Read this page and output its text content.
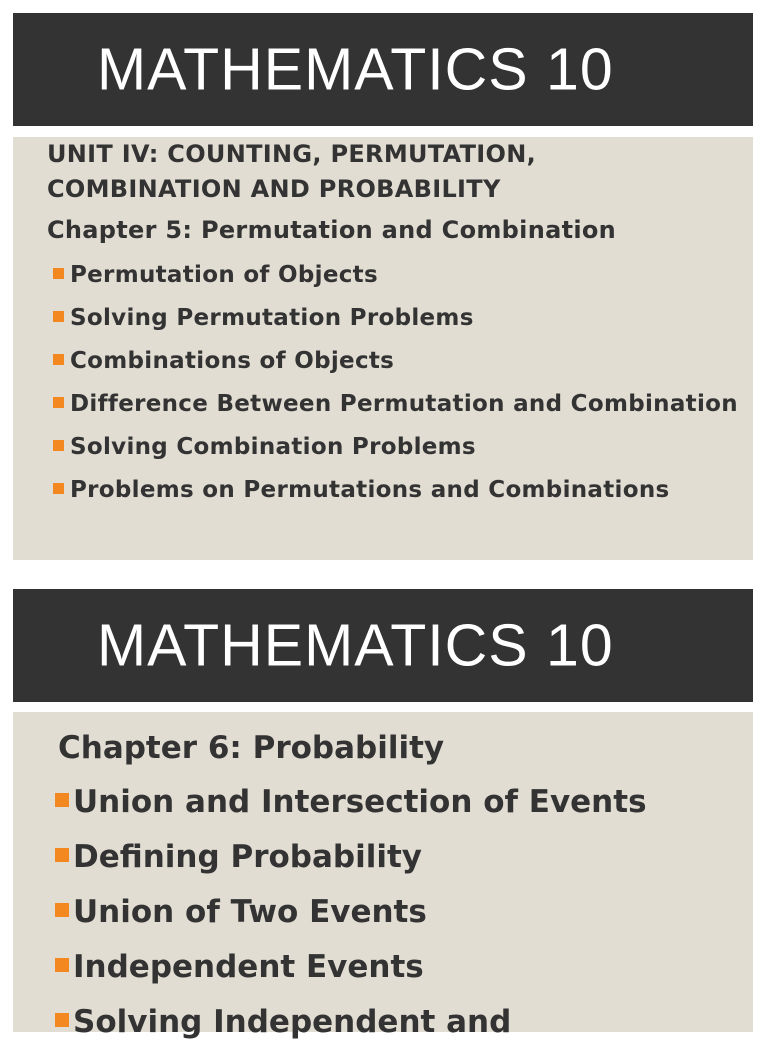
MATHEMATICS 10
UNIT IV: COUNTING, PERMUTATION, COMBINATION AND PROBABILITY
Chapter 5: Permutation and Combination
Permutation of Objects
Solving Permutation Problems
Combinations of Objects
Difference Between Permutation and Combination
Solving Combination Problems
Problems on Permutations and Combinations
MATHEMATICS 10
Chapter 6: Probability
Union and Intersection of Events
Defining Probability
Union of Two Events
Independent Events
Solving Independent and
